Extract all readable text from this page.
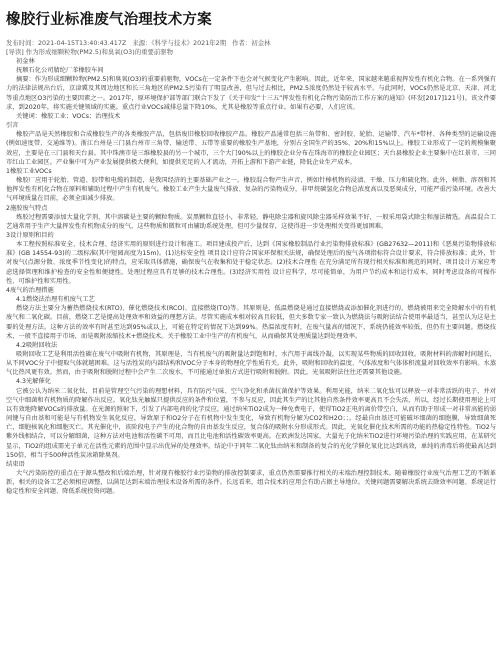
橡胶行业标准废气治理技术方案

发布时间：2021-04-15T13:40:43.417Z 来源：《科学与技术》2021年2期 作者：初金林

[导读] 作为形成细颗粒物(PM2.5)和臭氧(O3)的重要前驱物

初金林

抚顺石化公司腈纶厂苯橡胶车间

摘要：作为形成细颗粒物(PM2.5)和臭氧(O3)的重要前驱物，VOCs在一定条件下也会对气候变化产生影响。因此，近年来，国家越来越重视挥发性有机化合物。在一系列强有力的法律法规出台后，京津冀及其周边地区和长三角地区的PM2.5污染有了明显改善，但与过去相比，PM2.5浓度仍然处于较高水平。与此同时，VOCs仍然是北京、天津、河北等重点地区O3污染的主要因素之一。2017年，原环境保护部等部门联合下发了《关于印发“十三五”挥发性有机化合物污染防治工作方案的通知》(环发[2017]121号)。该文件要求，到2020年，将实施关键领域的实施。重点行业VOCs减排总量下降10%，尤其是橡胶等重点行业。如果有必要，人们应该。

关键词：橡胶工业；VOCs；治理技术

引言

橡胶产品是天然橡胶和合成橡胶生产的各类橡胶产品，包括废旧橡胶回收橡胶产品。橡胶产品通常包括三角带和、密封胶、轮胎、运输带、汽车*带材、各种类型的运输设施(例如速度带、交通维等)。浙江台州是三门县台州市三角带、输送带、五带等重要的橡胶生产基地，分别占全国生产的35%、20%和15%以上。橡胶工业形成了一定的规模集聚效应，主要是在三门县和天台县。其中珠澳市是三维橡胶县的另一个城市，三个大门90%以上的橡胶企业分布在珠海市的橡胶企业园区；天台县橡胶企业主要集中在红景市、三同市红山工业园区。产业集中可为产业发展提供极大便利，如提供充足的人才流动，开拓上游和下游产业链，降低企业生产成本。

1橡胶工业VOCs

橡胶厂应用于轮胎、管道、胶带和电缆的制造，是我国经济的主要基础产业之一。橡胶混合物产生声音，例如针棒机物的浸渍、干燥、压力和硫化物。此外，树脂、溶剂和其他挥发性有机化合物在原料和辅助过程中产生有机废气。橡胶工业产生大量废气排放、复杂的污染物成分，非甲烷碳氢化合物总浓度高以及恶臭成分，可能严重污染环境。改善大气环境质量在目前，必须全面减少排放。

2施胶废气特点

炼胶过程需要添加大量化学剂，其中溶碳是主要的颗粒物质。炭黑颗粒直径小，非常轻，静电除尘器和旋风除尘器采样效果不好，一般采用袋式除尘和湿法精选。高温混合工艺通常用于生产大量挥发性有机物成分的废气，这些物质和微粒可由辅助系统处理，但可少量保存，这使得进一步处理相关变得更加困难。

3设计原则和目的

本工程按照标准安全、技术合理、经济实用的原则进行设计和施工。项目建成投产后，达到《国家橡胶制品行业污染物排放标准》(GB27632—2011)和《恶臭污染物排放标准》(GB 14554-93)的二级标准(其中短园高度为15m)。(1)达标安全性 项目设计应符合国家环保相关法规，确保处理后的废气各项指标符合设计要求，符合排放标准；此外，针对废气(点源分散、浓度季节性变化)的特点，应采取具体措施，确保废气在收集和处于稳定状态。(2)技术合理性 在充分满足所有现行相关标准和规范的同时，项目设计方案应考虑选择管理和维护检查的安全性和便捷性，处理过程应具有足够的技术合理性。(3)经济实用性 设计应科学，尽可能简单，为用户节约成本和运行成本，同时考虑设备的可操作性、可维护性和实用性。

4废气的治理措施

4.1燃烧法治理有机废气工艺

燃烧方法主要分为蓄热燃烧技术(RTO)、催化燃烧技术(RCO)、直接燃烧(TO)等。其原则是，低温燃烧是通过直接燃烧或添加催化剂进行的，燃烧被用来完全降解水中的有机废气和二氧化碳。目前，燃烧工艺是提高处理效率和效益的理想方法。尽管实施成本相对较高且较低，但大多数专家一致认为燃烧法与吸附法结合使用率最适当，甚至认为这是主要的处理方法。这种方法的效率有时甚至达到95%或以上，可能在特定的情况下达到99%。热温浓度有时，在废气量高的情况下，系统仍能效率较低，但仍有主要问题。燃烧技术，一般不直接用于市场，而是吸附浓缩技术+燃烧技术。关于橡胶工业中生产的有机废气，从而确保其处理质量达到处理效率。

4.2吸附回收法

吸附回收工艺是利用活性碳在废气中吸附有机物，其原理是，当有机废气的吸附量达到饱和时，水汽用于离线冷凝，以实现某些物质的回收回收。吸附材料的溶解时间越长，从不同VOC分子中提取气体就越困难。这与活性炭的内部结构和VOC分子本身的物理化学性质有关。此外，吸附和回收的温度、气体浓度和气体体积流量对回收效率有影响。水蒸气比热风更有效。然而，由于吸附和脱附过程中会产生二次废水，不可能通过单独方式进行吸附和脱附。因此，光氧吸附法往往还需要其他设施。

4.3光解催化

它被公认为纳米二氧化钛，目前是管理空气污染的理想材料，具有防污气味、空气净化和杀菌抗菌保护等效果。利用光能，纳米二氧化钛可以释放一对非常活跃的电子，并对空气中细菌和有机物质的降解作出反应。氧化钛光触媒只提供反应的条件和位置，不参与反应，因此其生产的比其他自然条件效率更高且不会失活，所以，经过长期使用理论上可以有效地降解VOCs的排放量。在光源的照射下，引发了内部电荷的化学反应，通过纳米TiO2成为一种免费电子，使得TiO2正电的离价带空白，从而有助于形成一对非常高能的弱间键与自由基和可能是与有机物发生氧化反应，导致原子和O2分子在有机物中发生变化，导致有机物分解为CO2和H2O；；。经最自由基还可能破坏细菌的细胞膜，导致细菌死亡，细胞核氧化和细胞灭亡。其光催化中，该阶段电子产生的化合物的自由基发生反应，复合体的吸附水分形成形式。因此，光氧化催化技术所需的功能的热稳定性特性。TiO2与紫外线相结合，可以分解细菌，这种方法对电池和活性碳不可用，而且比电池和活性碳效率更高。在欧洲发达国家，大量光子化纳米TiO2进行环境污染治理的实践应用，在某研究显示，TiO2的组成需光子单元在活性元素的范围中显示出优异的处理效率。结论中于同年二氧化钛由纳米和制备的复合的光化学催化氧化比达到高效，单纯的消毒后将使最高达到150倍，相当于500种活性炭冰箱除臭剂。

结束语

大气污染防控的重点在于源头整改和后端治理，针对现有橡胶行业污染物的排放控制要求，重点仍然需要推行相关的末端治理控制技术。随着橡胶行业废气治理工艺的不断革新，相关的设备工艺必须相应调整，以满足达到末端治理技术设备所需的条件。长远看来，组合技术的应用会有助占据主导地位。关键问题需要解决系统去除效率问题、系统运行稳定性和安全问题、降低系统投资问题。
